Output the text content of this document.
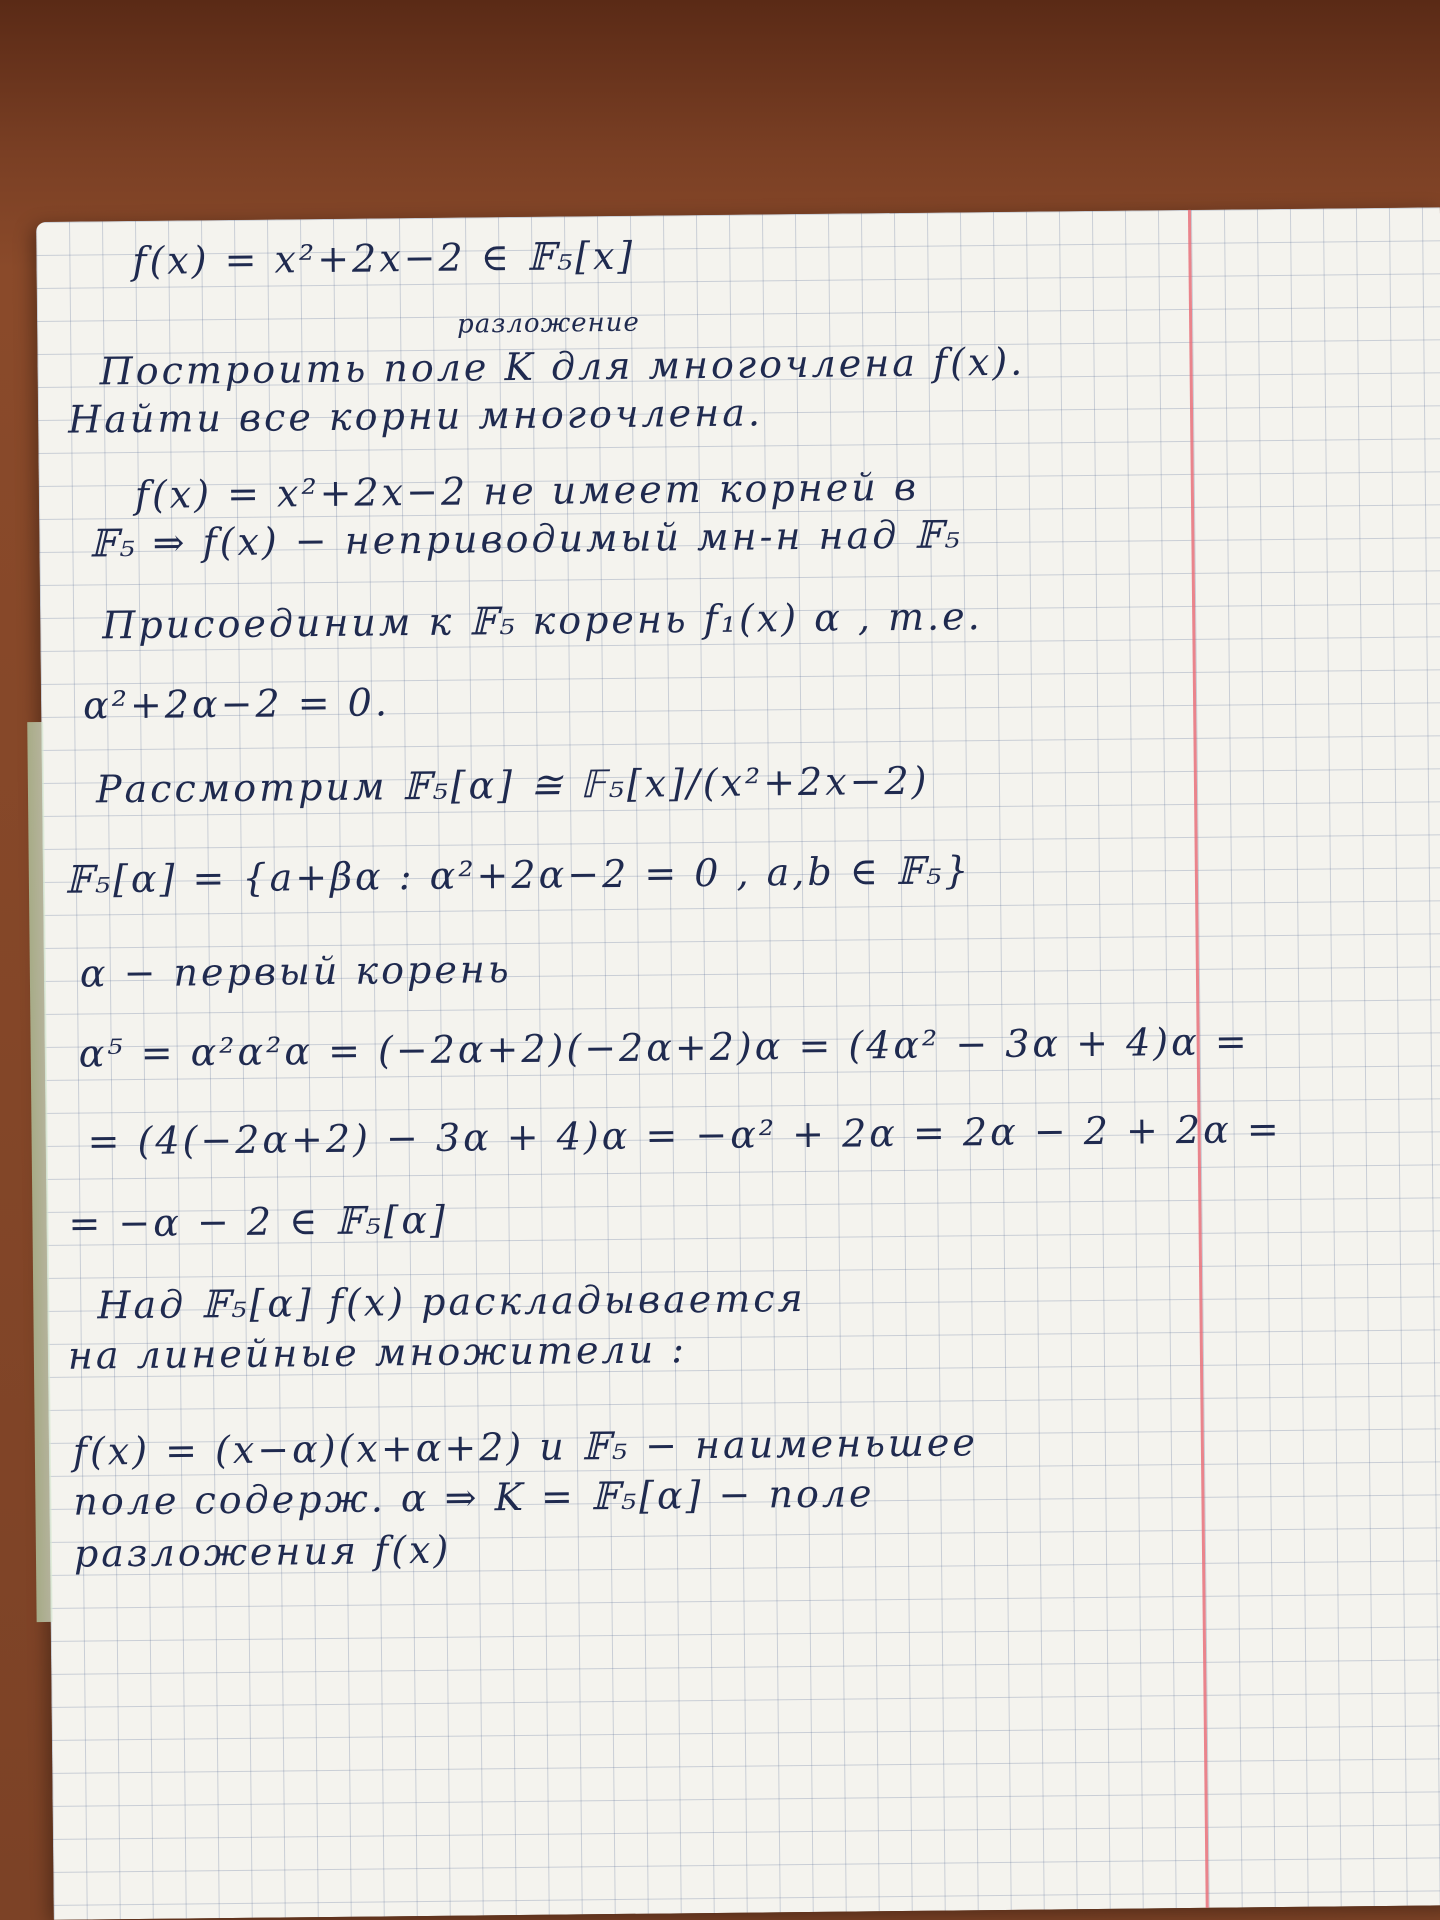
f(x) = x²+2x−2 ∈ 𝔽₅[x]
разложение
Построить поле K для многочлена f(x).
Найти все корни многочлена.
f(x) = x²+2x−2 не имеет корней в
𝔽₅ ⇒ f(x) − неприводимый мн-н над 𝔽₅
Присоединим к 𝔽₅ корень f₁(x) α , т.е.
α²+2α−2 = 0.
Рассмотрим 𝔽₅[α] ≅ 𝔽₅[x]/(x²+2x−2)
𝔽₅[α] = {a+βα : α²+2α−2 = 0 , a,b ∈ 𝔽₅}
α − первый корень
α⁵ = α²α²α = (−2α+2)(−2α+2)α = (4α² − 3α + 4)α =
= (4(−2α+2) − 3α + 4)α = −α² + 2α = 2α − 2 + 2α =
= −α − 2 ∈ 𝔽₅[α]
Над 𝔽₅[α] f(x) раскладывается
на линейные множители :
f(x) = (x−α)(x+α+2) и 𝔽₅ − наименьшее
поле содерж. α ⇒ K = 𝔽₅[α] − поле
разложения f(x)
